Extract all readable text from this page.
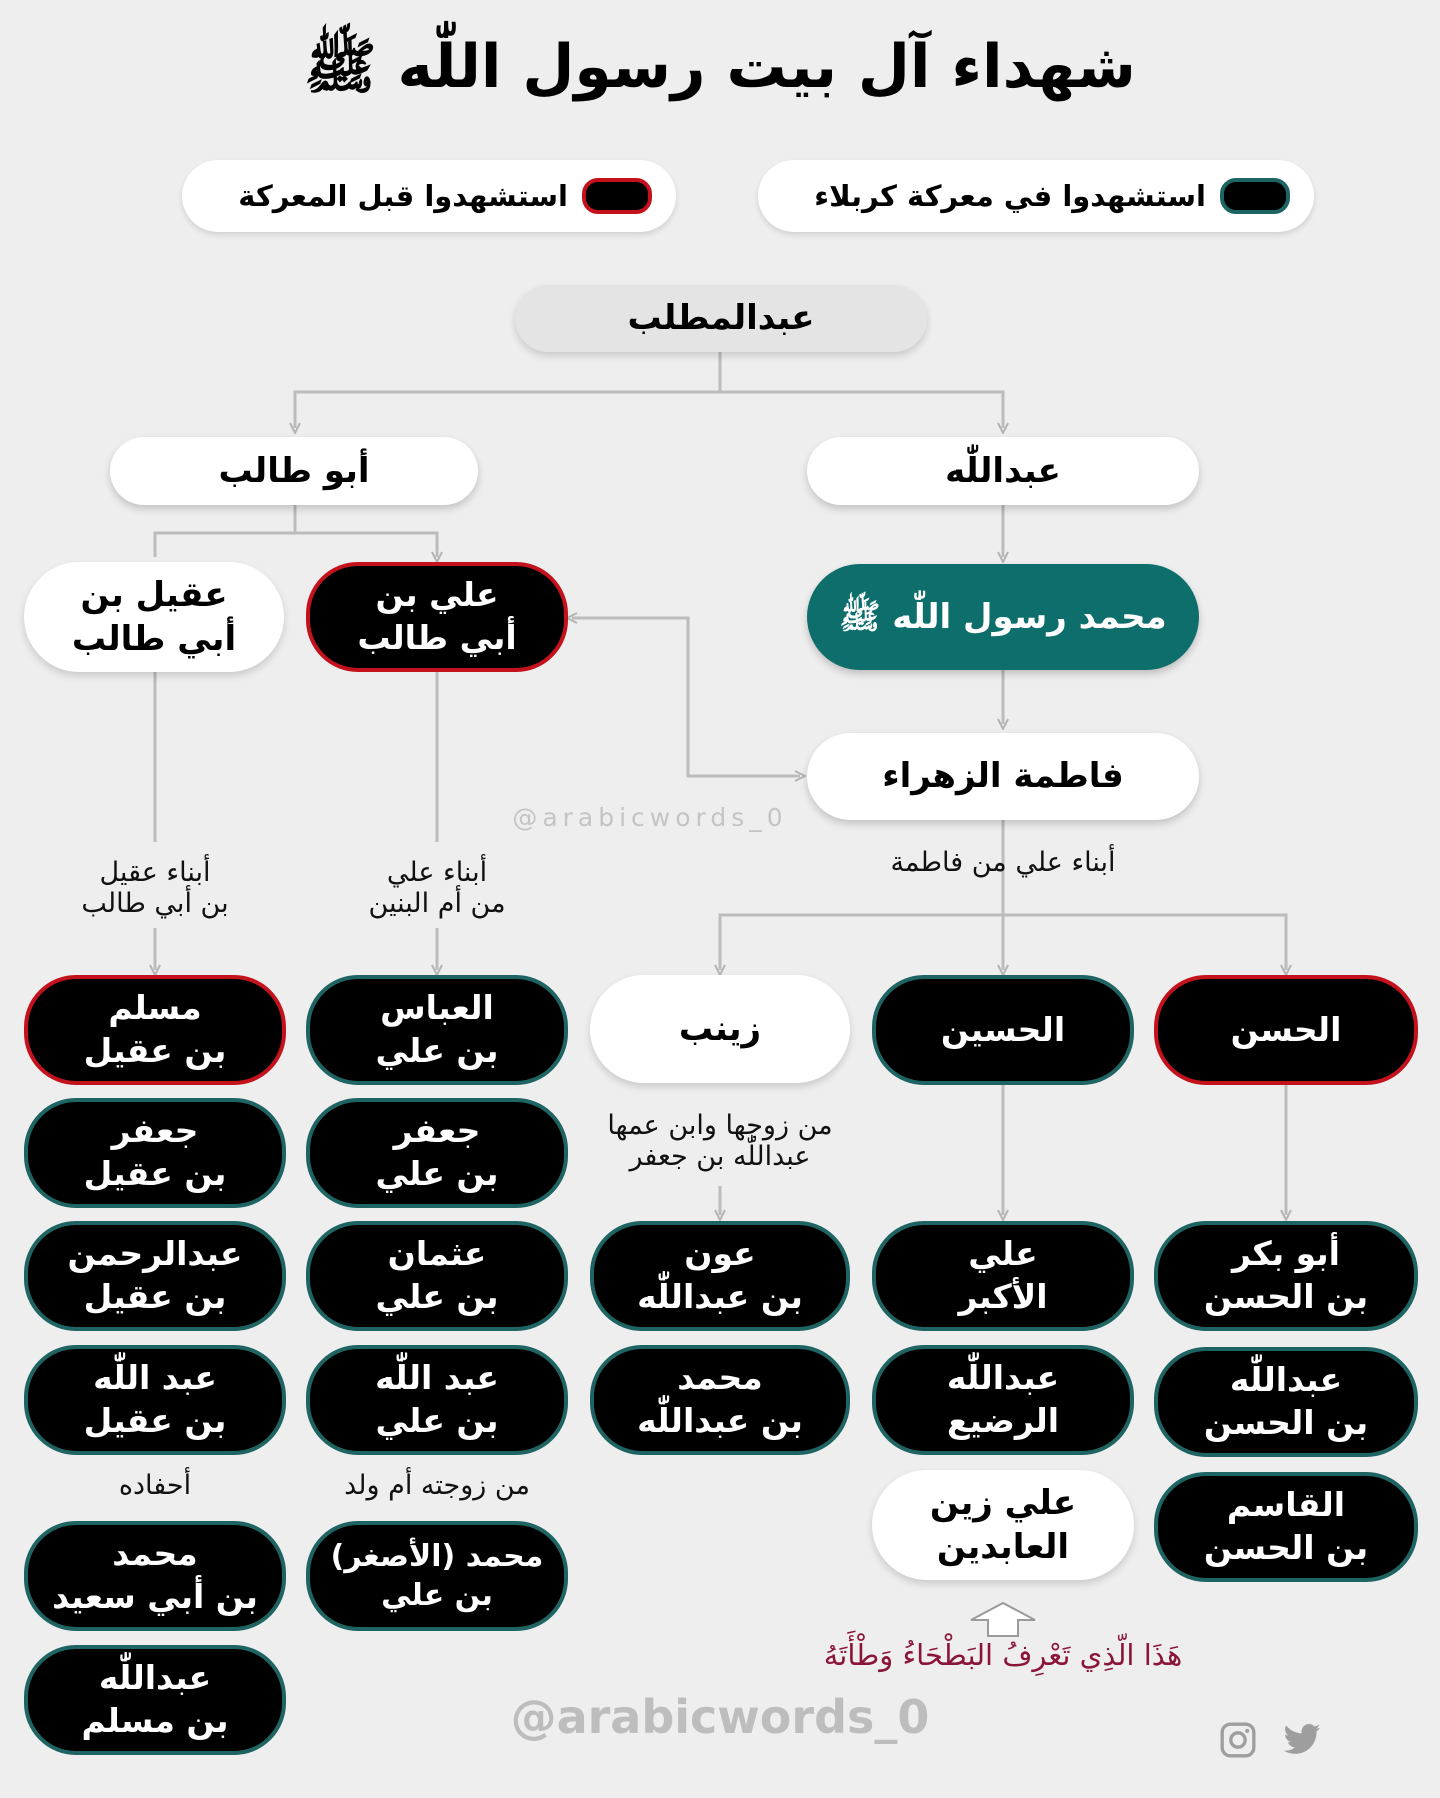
شهداء آل بيت رسول اللّٰه ﷺ
استشهدوا في معركة كربلاء
استشهدوا قبل المعركة
عبدالمطلب
أبو طالب	عبداللّٰه
عقيل بن
أبي طالب
علي بن
أبي طالب
محمد رسول اللّٰه ﷺ
فاطمة الزهراء
@arabicwords_0
أبناء عقيل
بن أبي طالب
أبناء علي
من أم البنين
أبناء علي من فاطمة
من زوجها وابن عمها
عبداللّٰه بن جعفر
أحفاده	من زوجته أم ولد
الحسن
الحسين
زينب
مسلم
بن عقيل
جعفر
بن عقيل
عبدالرحمن
بن عقيل
عبد اللّٰه
بن عقيل
محمد
بن أبي سعيد
عبداللّٰه
بن مسلم
العباس
بن علي
جعفر
بن علي
عثمان
بن علي
عبد اللّٰه
بن علي
محمد (الأصغر)
بن علي
عون
بن عبداللّٰه
محمد
بن عبداللّٰه
علي
الأكبر
عبداللّٰه
الرضيع
علي زين
العابدين
أبو بكر
بن الحسن
عبداللّٰه
بن الحسن
القاسم
بن الحسن
هَذَا الّذِي تَعْرِفُ البَطْحَاءُ وَطْأَتَهُ
@arabicwords_0
